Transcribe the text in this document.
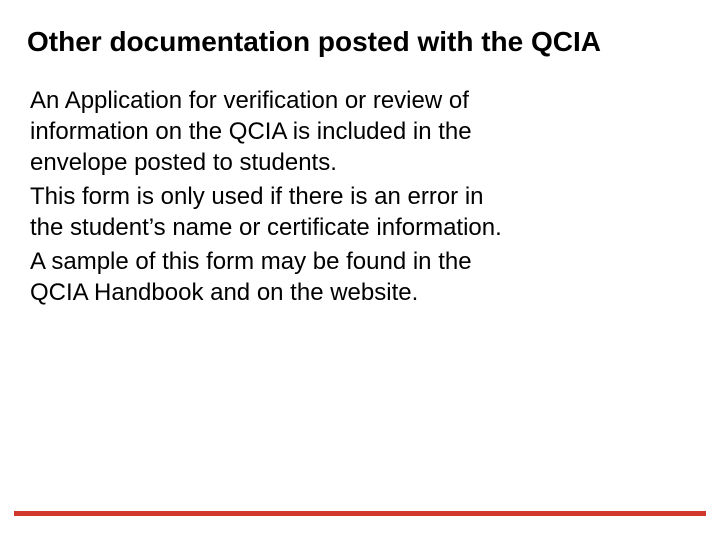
Other documentation posted with the QCIA

An Application for verification or review of
information on the QCIA is included in the
envelope posted to students.

This form is only used if there is an error in
the student’s name or certificate information.

A sample of this form may be found in the
QCIA Handbook and on the website.
